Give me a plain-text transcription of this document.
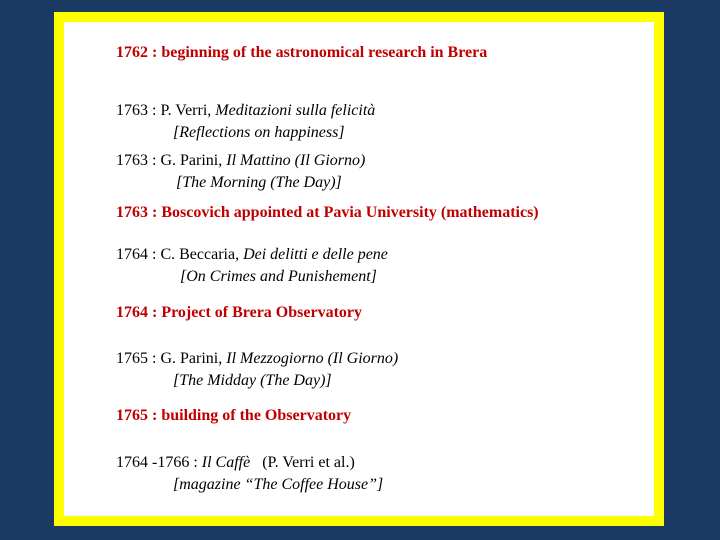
1762 : beginning of the astronomical research in Brera
1763 : P. Verri, Meditazioni sulla felicità
[Reflections on happiness]
1763 : G. Parini, Il Mattino (Il Giorno)
[The Morning (The Day)]
1763 : Boscovich appointed at Pavia University (mathematics)
1764 : C. Beccaria, Dei delitti e delle pene
[On Crimes and Punishement]
1764 : Project of Brera Observatory
1765 : G. Parini, Il Mezzogiorno (Il Giorno)
[The Midday (The Day)]
1765 : building of the Observatory
1764 -1766 : Il Caffè   (P. Verri et al.)
[magazine “The Coffee House”]
